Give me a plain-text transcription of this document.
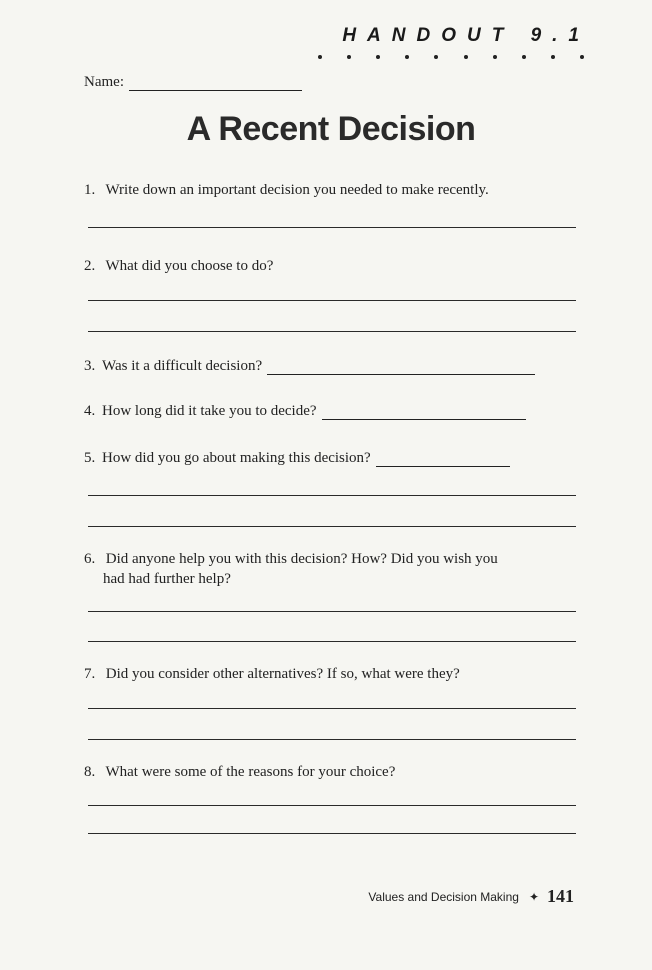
HANDOUT 9.1
Name:
A Recent Decision
1. Write down an important decision you needed to make recently.
2. What did you choose to do?
3. Was it a difficult decision?
4. How long did it take you to decide?
5. How did you go about making this decision?
6. Did anyone help you with this decision? How? Did you wish you
had had further help?
7. Did you consider other alternatives? If so, what were they?
8. What were some of the reasons for your choice?
Values and Decision Making ✦ 141
